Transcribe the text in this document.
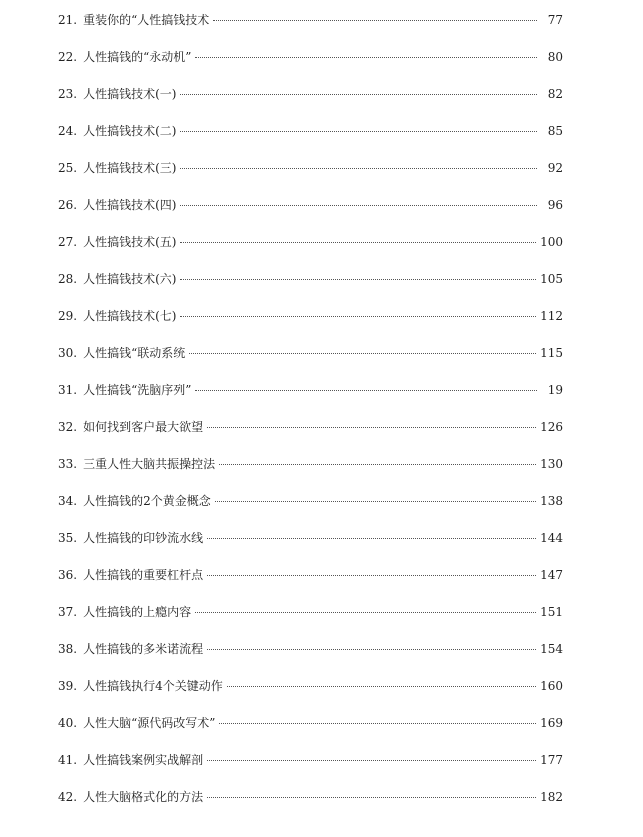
21. 重装你的“人性搞钱技术	77
22. 人性搞钱的“永动机”	80
23. 人性搞钱技术(一)	82
24. 人性搞钱技术(二)	85
25. 人性搞钱技术(三)	92
26. 人性搞钱技术(四)	96
27. 人性搞钱技术(五)	100
28. 人性搞钱技术(六)	105
29. 人性搞钱技术(七)	112
30. 人性搞钱“联动系统	115
31. 人性搞钱“洗脑序列”	19
32. 如何找到客户最大欲望	126
33. 三重人性大脑共振操控法	130
34. 人性搞钱的2个黄金概念	138
35. 人性搞钱的印钞流水线	144
36. 人性搞钱的重要杠杆点	147
37. 人性搞钱的上瘾内容	151
38. 人性搞钱的多米诺流程	154
39. 人性搞钱执行4个关键动作	160
40. 人性大脑“源代码改写术”	169
41. 人性搞钱案例实战解剖	177
42. 人性大脑格式化的方法	182
